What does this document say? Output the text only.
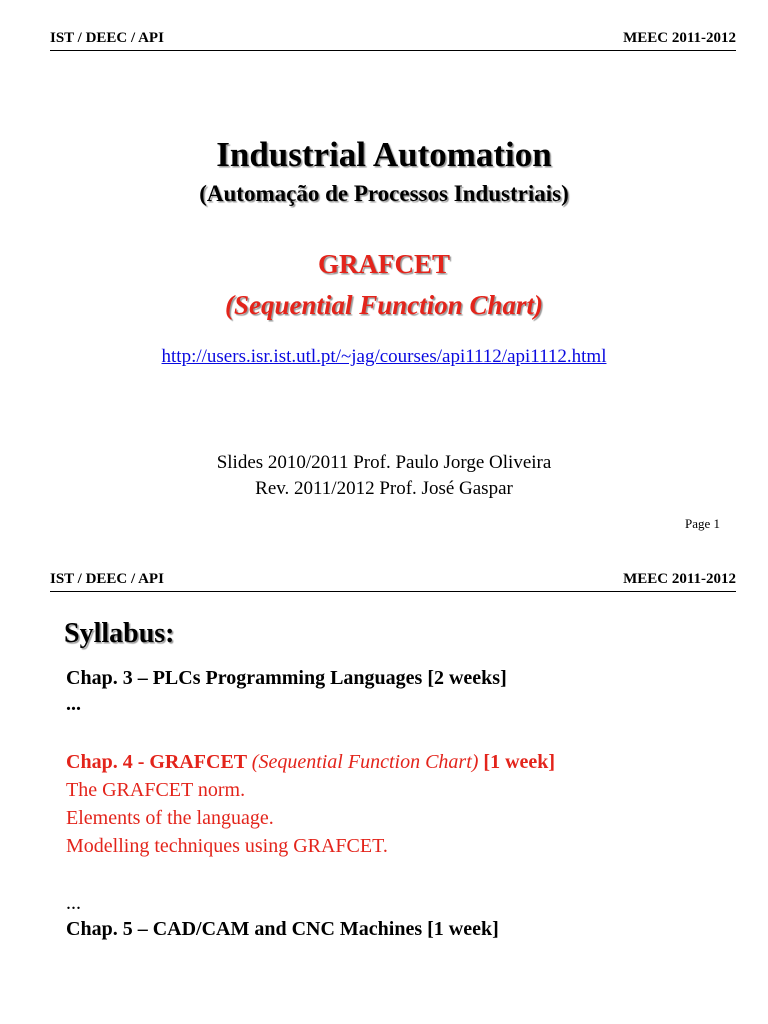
IST / DEEC / API	MEEC 2011-2012
Industrial Automation
(Automação de Processos Industriais)
GRAFCET
(Sequential Function Chart)
http://users.isr.ist.utl.pt/~jag/courses/api1112/api1112.html
Slides 2010/2011 Prof. Paulo Jorge Oliveira
Rev. 2011/2012 Prof. José Gaspar
Page 1
IST / DEEC / API	MEEC 2011-2012
Syllabus:
Chap. 3 – PLCs Programming Languages [2 weeks]
...
Chap. 4 - GRAFCET (Sequential Function Chart) [1 week]
The GRAFCET norm.
Elements of the language.
Modelling techniques using GRAFCET.
...
Chap. 5 – CAD/CAM and CNC Machines [1 week]
